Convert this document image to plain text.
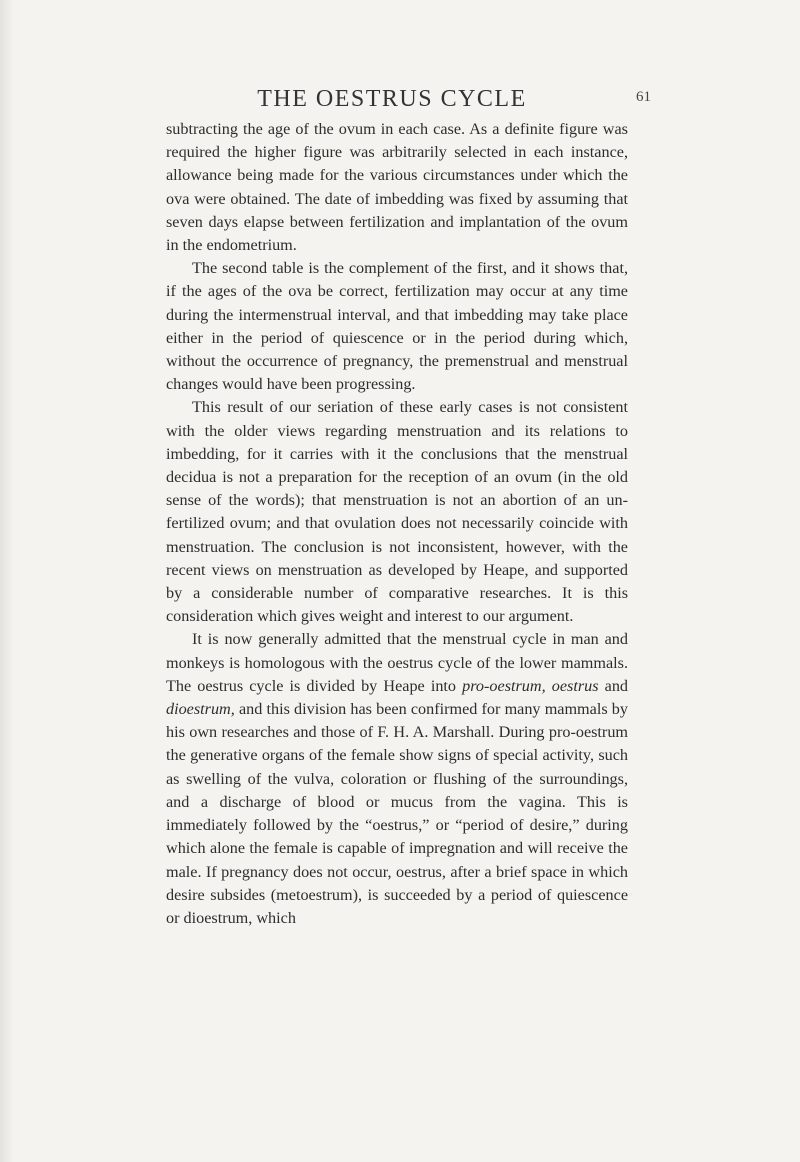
THE OESTRUS CYCLE	61

subtracting the age of the ovum in each case. As a definite figure was required the higher figure was arbitrarily selected in each instance, allowance being made for the various circumstances under which the ova were obtained. The date of imbedding was fixed by assuming that seven days elapse between fertilization and implantation of the ovum in the endometrium.

The second table is the complement of the first, and it shows that, if the ages of the ova be correct, fertilization may occur at any time during the intermenstrual interval, and that imbedding may take place either in the period of quiescence or in the period during which, without the occurrence of pregnancy, the premenstrual and menstrual changes would have been progressing.

This result of our seriation of these early cases is not consistent with the older views regarding menstruation and its relations to imbedding, for it carries with it the conclusions that the menstrual decidua is not a preparation for the reception of an ovum (in the old sense of the words); that menstruation is not an abortion of an un-fertilized ovum; and that ovulation does not necessarily coincide with menstruation. The conclusion is not inconsistent, however, with the recent views on menstruation as developed by Heape, and supported by a considerable number of comparative researches. It is this consideration which gives weight and interest to our argument.

It is now generally admitted that the menstrual cycle in man and monkeys is homologous with the oestrus cycle of the lower mammals. The oestrus cycle is divided by Heape into pro-oestrum, oestrus and dioestrum, and this division has been confirmed for many mammals by his own researches and those of F. H. A. Marshall. During pro-oestrum the generative organs of the female show signs of special activity, such as swelling of the vulva, coloration or flushing of the surroundings, and a discharge of blood or mucus from the vagina. This is immediately followed by the “oestrus,” or “period of desire,” during which alone the female is capable of impregnation and will receive the male. If pregnancy does not occur, oestrus, after a brief space in which desire subsides (metoestrum), is succeeded by a period of quiescence or dioestrum, which
